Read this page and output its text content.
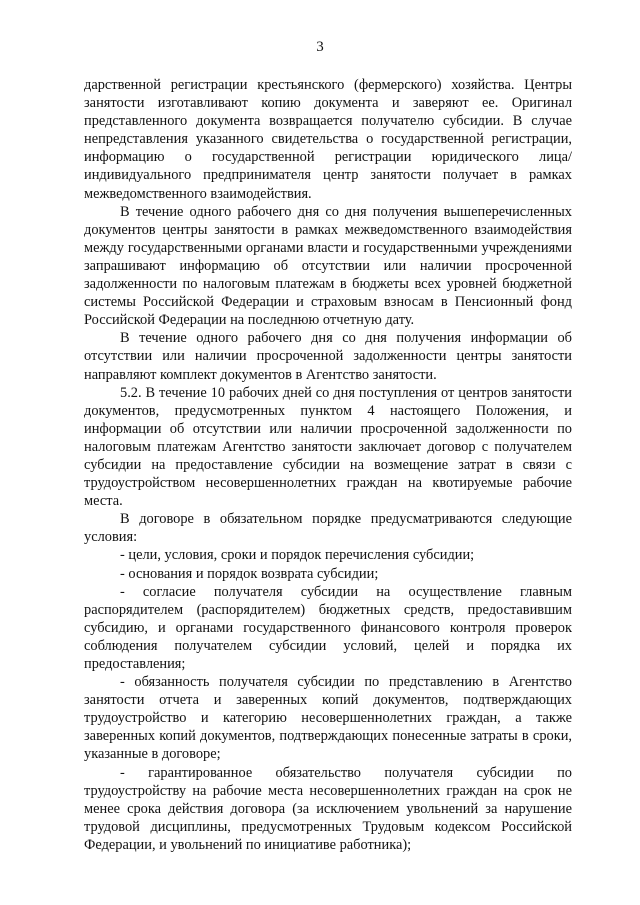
3

дарственной регистрации крестьянского (фермерского) хозяйства. Центры занятости изготавливают копию документа и заверяют ее. Оригинал представленного документа возвращается получателю субсидии. В случае непредставления указанного свидетельства о государственной регистрации, информацию о государственной регистрации юридического лица/индивидуального предпринимателя центр занятости получает в рамках межведомственного взаимодействия.

В течение одного рабочего дня со дня получения вышеперечисленных документов центры занятости в рамках межведомственного взаимодействия между государственными органами власти и государственными учреждениями запрашивают информацию об отсутствии или наличии просроченной задолженности по налоговым платежам в бюджеты всех уровней бюджетной системы Российской Федерации и страховым взносам в Пенсионный фонд Российской Федерации на последнюю отчетную дату.

В течение одного рабочего дня со дня получения информации об отсутствии или наличии просроченной задолженности центры занятости направляют комплект документов в Агентство занятости.

5.2. В течение 10 рабочих дней со дня поступления от центров занятости документов, предусмотренных пунктом 4 настоящего Положения, и информации об отсутствии или наличии просроченной задолженности по налоговым платежам Агентство занятости заключает договор с получателем субсидии на предоставление субсидии на возмещение затрат в связи с трудоустройством несовершеннолетних граждан на квотируемые рабочие места.

В договоре в обязательном порядке предусматриваются следующие условия:

- цели, условия, сроки и порядок перечисления субсидии;

- основания и порядок возврата субсидии;

- согласие получателя субсидии на осуществление главным распорядителем (распорядителем) бюджетных средств, предоставившим субсидию, и органами государственного финансового контроля проверок соблюдения получателем субсидии условий, целей и порядка их предоставления;

- обязанность получателя субсидии по представлению в Агентство занятости отчета и заверенных копий документов, подтверждающих трудоустройство и категорию несовершеннолетних граждан, а также заверенных копий документов, подтверждающих понесенные затраты в сроки, указанные в договоре;

- гарантированное обязательство получателя субсидии по трудоустройству на рабочие места несовершеннолетних граждан на срок не менее срока действия договора (за исключением увольнений за нарушение трудовой дисциплины, предусмотренных Трудовым кодексом Российской Федерации, и увольнений по инициативе работника);
